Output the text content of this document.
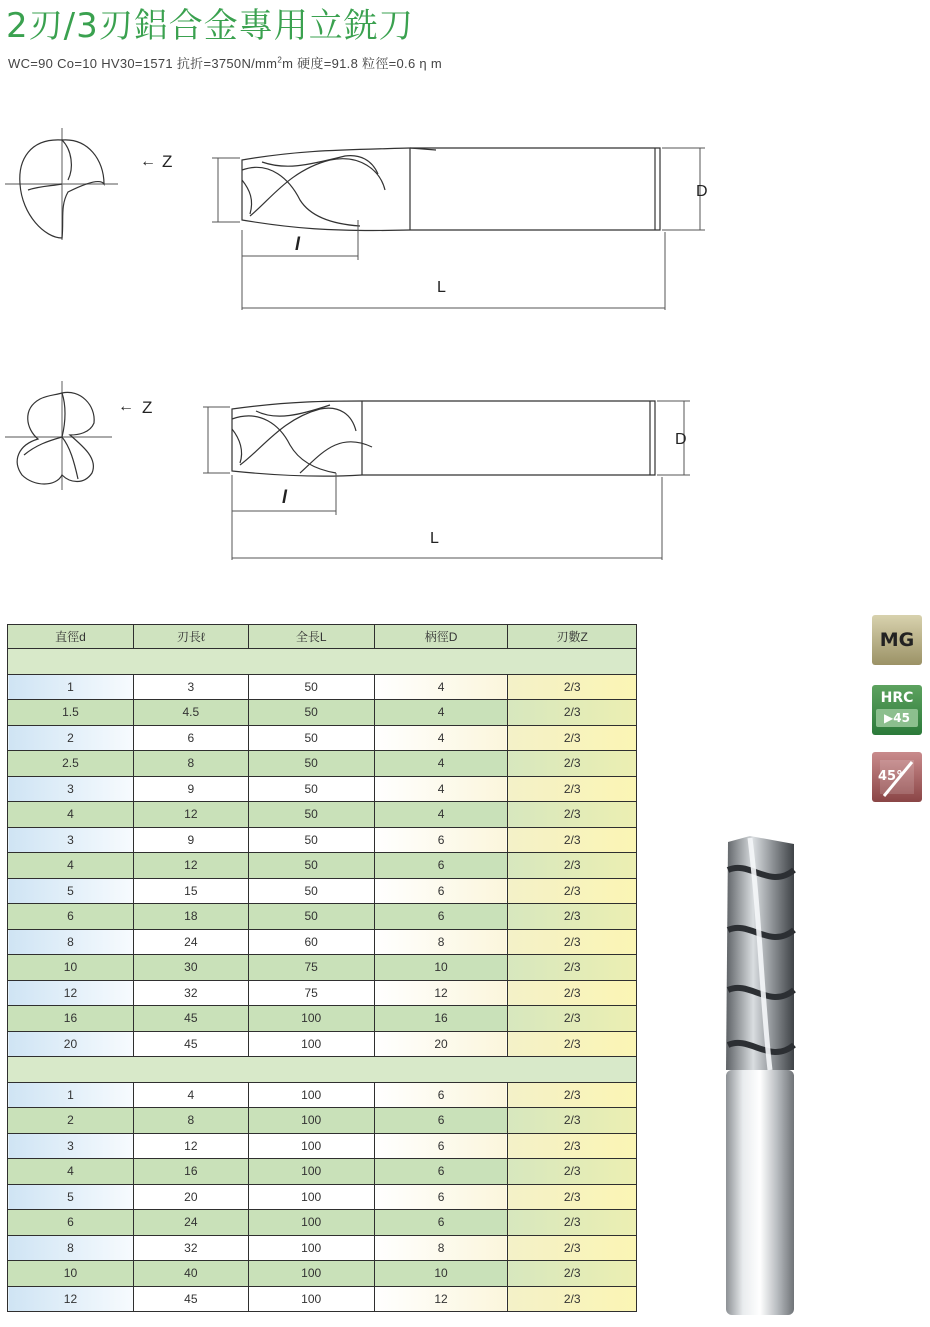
2刃/3刃鋁合金專用立銑刀
WC=90 Co=10 HV30=1571 抗折$=3750N/mm^2m$ 硬度=91.8 粒徑=0.6 η m
← Z
D
l
L
← Z
D
l
L
直徑d	刃長ℓ	全長L	柄徑D	刃數Z

1	3	50	4	2/3
1.5	4.5	50	4	2/3
2	6	50	4	2/3
2.5	8	50	4	2/3
3	9	50	4	2/3
4	12	50	4	2/3
3	9	50	6	2/3
4	12	50	6	2/3
5	15	50	6	2/3
6	18	50	6	2/3
8	24	60	8	2/3
10	30	75	10	2/3
12	32	75	12	2/3
16	45	100	16	2/3
20	45	100	20	2/3

1	4	100	6	2/3
2	8	100	6	2/3
3	12	100	6	2/3
4	16	100	6	2/3
5	20	100	6	2/3
6	24	100	6	2/3
8	32	100	8	2/3
10	40	100	10	2/3
12	45	100	12	2/3
MG
HRC
▶45
45°
